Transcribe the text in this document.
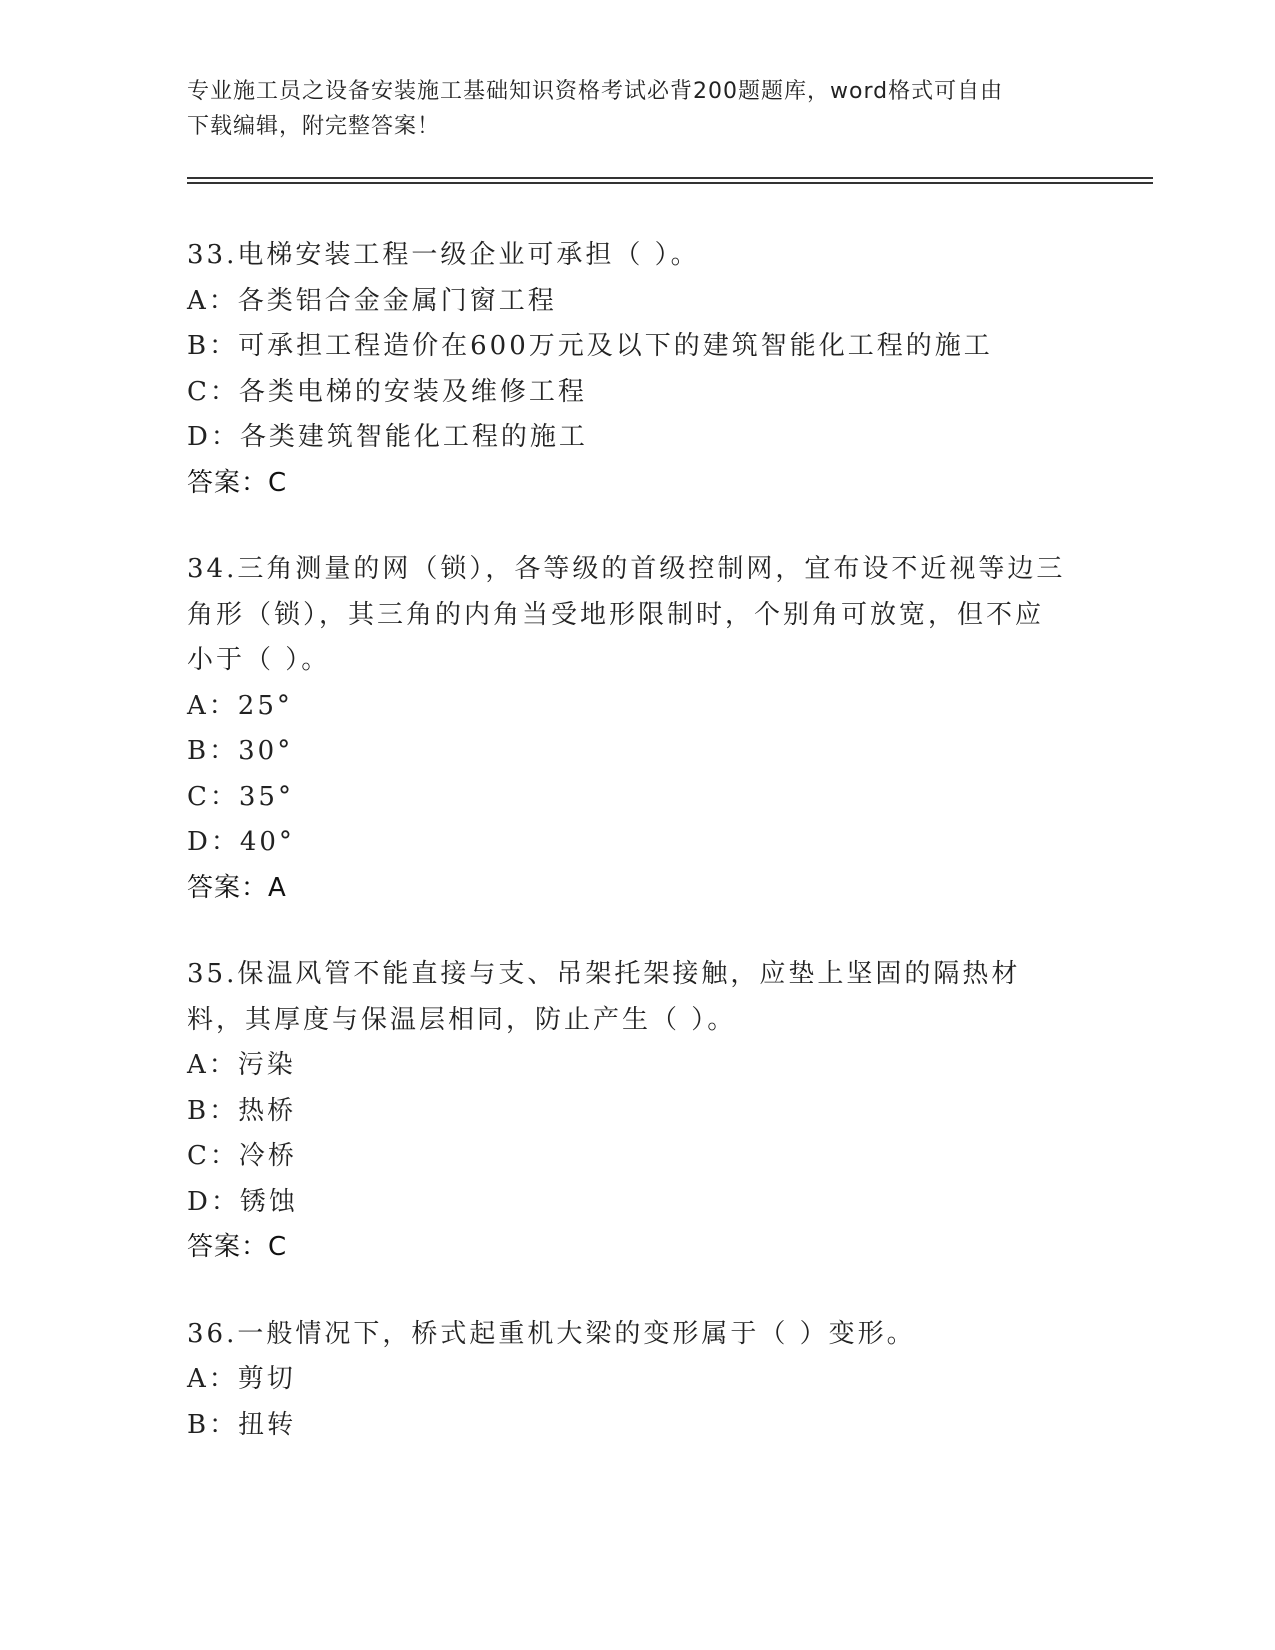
专业施工员之设备安装施工基础知识资格考试必背200题题库，word格式可自由
下载编辑，附完整答案！
33.电梯安装工程一级企业可承担（ ）。
A：各类铝合金金属门窗工程
B：可承担工程造价在600万元及以下的建筑智能化工程的施工
C：各类电梯的安装及维修工程
D：各类建筑智能化工程的施工
答案：C
34.三角测量的网（锁），各等级的首级控制网，宜布设不近视等边三角形（锁），其三角的内角当受地形限制时，个别角可放宽，但不应小于（ ）。
A：25°
B：30°
C：35°
D：40°
答案：A
35.保温风管不能直接与支、吊架托架接触，应垫上坚固的隔热材料，其厚度与保温层相同，防止产生（ ）。
A：污染
B：热桥
C：冷桥
D：锈蚀
答案：C
36.一般情况下，桥式起重机大梁的变形属于（ ）变形。
A：剪切
B：扭转
